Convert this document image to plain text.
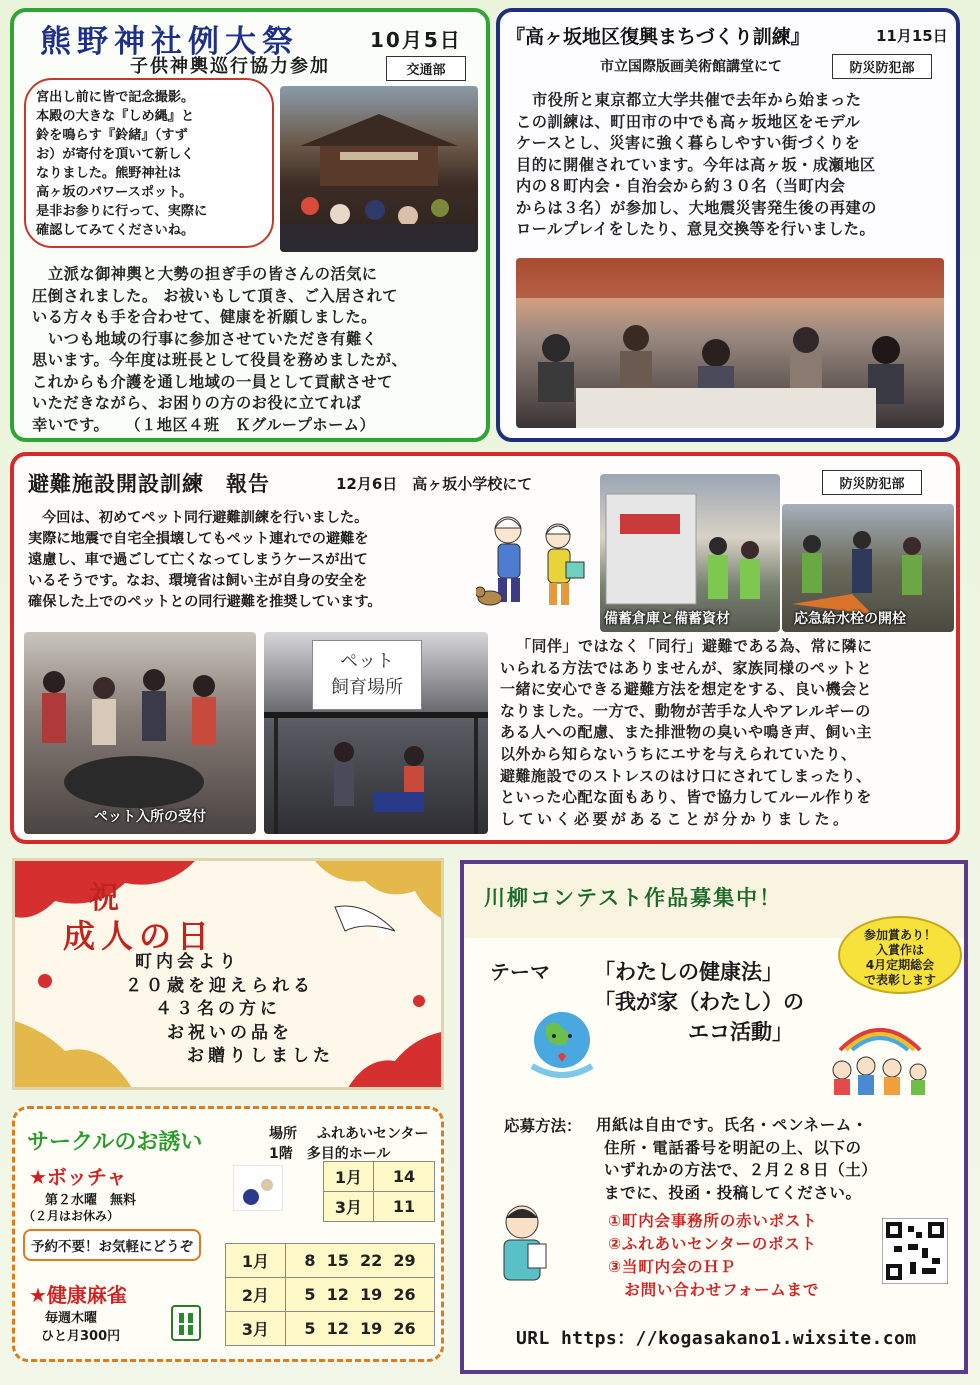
熊野神社例大祭	10月5日
子供神輿巡行協力参加	交通部
宮出し前に皆で記念撮影。
本殿の大きな『しめ縄』と
鈴を鳴らす『鈴緒』（すず
お）が寄付を頂いて新しく
なりました。熊野神社は
高ヶ坂のパワースポット。
是非お参りに行って、実際に
確認してみてくださいね。
立派な御神輿と大勢の担ぎ手の皆さんの活気に
圧倒されました。 お祓いもして頂き、ご入居されて
いる方々も手を合わせて、健康を祈願しました。
いつも地域の行事に参加させていただき有難く
思います。今年度は班長として役員を務めましたが、
これからも介護を通し地域の一員として貢献させて
いただきながら、お困りの方のお役に立てれば
幸いです。　　（１地区４班　Ｋグループホーム）
『高ヶ坂地区復興まちづくり訓練』	11月15日
市立国際版画美術館講堂にて	防災防犯部
市役所と東京都立大学共催で去年から始まった
この訓練は、町田市の中でも高ヶ坂地区をモデル
ケースとし、災害に強く暮らしやすい街づくりを
目的に開催されています。今年は高ヶ坂・成瀬地区
内の８町内会・自治会から約３０名（当町内会
からは３名）が参加し、大地震災害発生後の再建の
ロールプレイをしたり、意見交換等を行いました。
避難施設開設訓練　報告	12月6日　高ヶ坂小学校にて	防災防犯部
今回は、初めてペット同行避難訓練を行いました。
実際に地震で自宅全損壊してもペット連れでの避難を
遠慮し、車で過ごして亡くなってしまうケースが出て
いるそうです。なお、環境省は飼い主が自身の安全を
確保した上でのペットとの同行避難を推奨しています。
備蓄倉庫と備蓄資材	応急給水栓の開栓
ペット入所の受付
ペット
飼育場所
「同伴」ではなく「同行」避難である為、常に隣に
いられる方法ではありませんが、家族同様のペットと
一緒に安心できる避難方法を想定をする、良い機会と
なりました。一方で、動物が苦手な人やアレルギーの
ある人への配慮、また排泄物の臭いや鳴き声、飼い主
以外から知らないうちにエサを与えられていたり、
避難施設でのストレスのはけ口にされてしまったり、
といった心配な面もあり、皆で協力してルール作りを
していく必要があることが分かりました。
祝
成人の日
町内会より
２０歳を迎えられる
４３名の方に
お祝いの品を
お贈りしました
サークルのお誘い	場所 ふれあいセンター
1階　多目的ホール
★ボッチャ
第２水曜　無料
（２月はお休み）
1月	14
3月	11
予約不要！お気軽にどうぞ
★健康麻雀
毎週木曜
ひと月300円
1月	8  15  22  29
2月	5  12  19  26
3月	5  12  19  26
川柳コンテスト作品募集中！
参加賞あり！
入賞作は
4月定期総会
で表彰します
テーマ 「わたしの健康法」
「我が家（わたし）の
エコ活動」
応募方法： 用紙は自由です。氏名・ペンネーム・
住所・電話番号を明記の上、以下の
いずれかの方法で、２月２８日（土）
までに、投函・投稿してください。
①町内会事務所の赤いポスト
②ふれあいセンターのポスト
③当町内会のＨＰ
　お問い合わせフォームまで
URL https：//kogasakano1.wixsite.com
